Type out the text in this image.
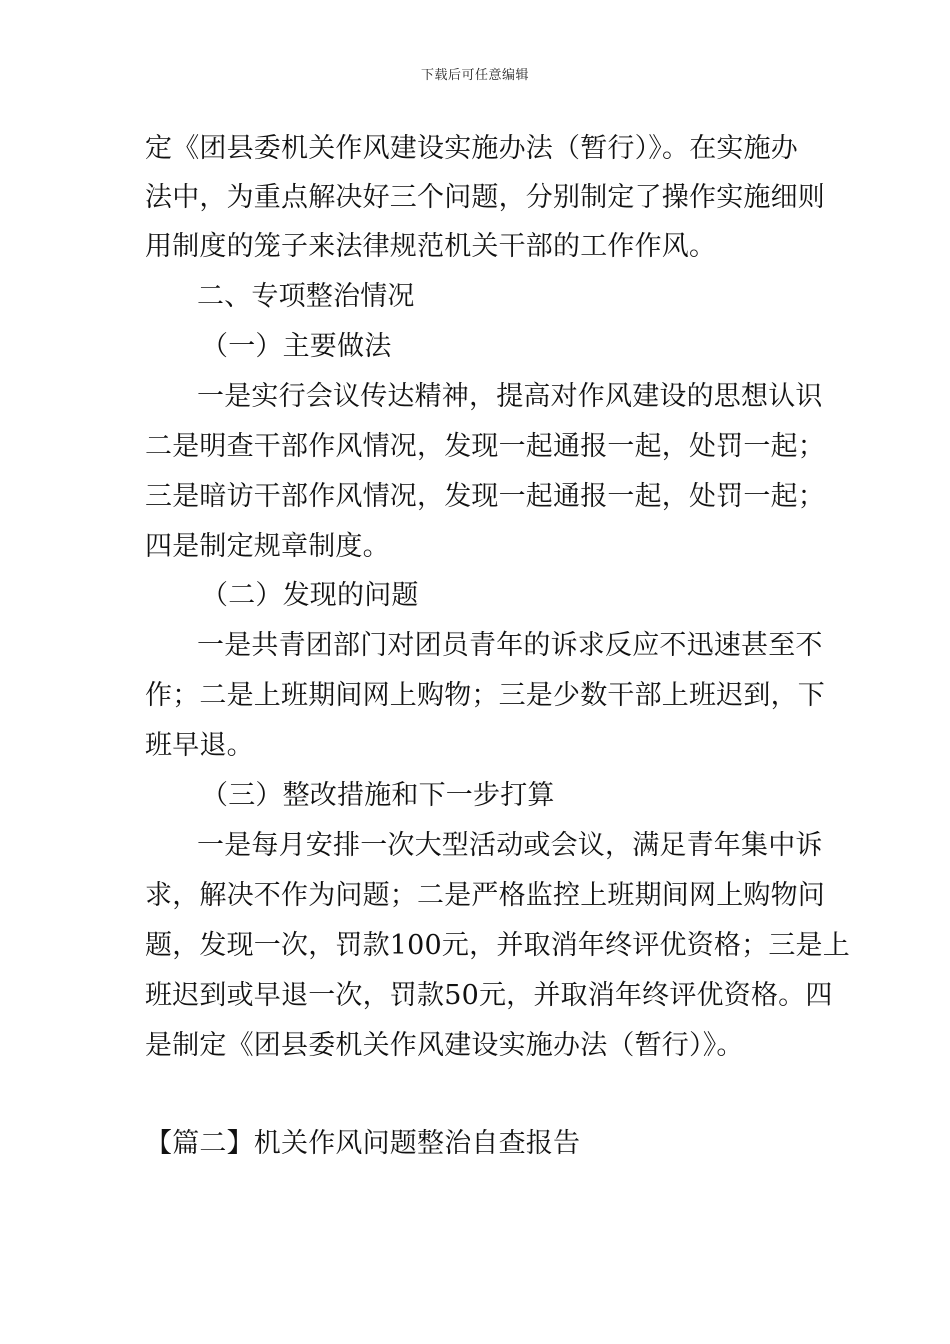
下载后可任意编辑
定《团县委机关作风建设实施办法（暂行）》。在实施办
法中，为重点解决好三个问题，分别制定了操作实施细则
用制度的笼子来法律规范机关干部的工作作风。
二、专项整治情况
（一）主要做法
一是实行会议传达精神，提高对作风建设的思想认识
二是明查干部作风情况，发现一起通报一起，处罚一起；
三是暗访干部作风情况，发现一起通报一起，处罚一起；
四是制定规章制度。
（二）发现的问题
一是共青团部门对团员青年的诉求反应不迅速甚至不
作；二是上班期间网上购物；三是少数干部上班迟到，下
班早退。
（三）整改措施和下一步打算
一是每月安排一次大型活动或会议，满足青年集中诉
求，解决不作为问题；二是严格监控上班期间网上购物问
题，发现一次，罚款100元，并取消年终评优资格；三是上
班迟到或早退一次，罚款50元，并取消年终评优资格。四
是制定《团县委机关作风建设实施办法（暂行）》。
【篇二】机关作风问题整治自查报告
